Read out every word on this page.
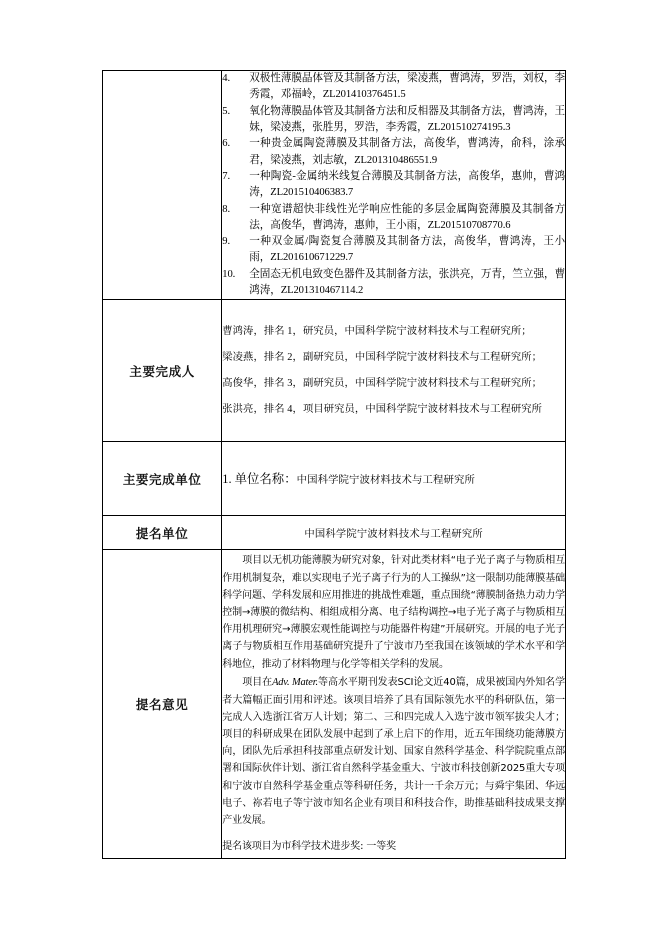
4.	双极性薄膜晶体管及其制备方法，梁凌燕，曹鸿涛，罗浩，刘权，李秀霞，邓福岭，ZL201410376451.5
5.	氧化物薄膜晶体管及其制备方法和反相器及其制备方法，曹鸿涛，王妹，梁凌燕，张胜男，罗浩，李秀霞，ZL201510274195.3
6.	一种贵金属陶瓷薄膜及其制备方法，高俊华，曹鸿涛，俞科，涂承君，梁凌燕，刘志敏，ZL201310486551.9
7.	一种陶瓷-金属纳米线复合薄膜及其制备方法，高俊华，惠帅，曹鸿涛，ZL201510406383.7
8.	一种宽谱超快非线性光学响应性能的多层金属陶瓷薄膜及其制备方法，高俊华，曹鸿涛，惠帅，王小雨，ZL201510708770.6
9.	一种双金属/陶瓷复合薄膜及其制备方法，高俊华，曹鸿涛，王小雨，ZL201610671229.7
10.	全固态无机电致变色器件及其制备方法，张洪亮，万青，竺立强，曹鸿涛，ZL201310467114.2

主要完成人	曹鸿涛，排名 1，研究员，中国科学院宁波材料技术与工程研究所；

梁凌燕，排名 2，副研究员，中国科学院宁波材料技术与工程研究所；

高俊华，排名 3，副研究员，中国科学院宁波材料技术与工程研究所；

张洪亮，排名 4，项目研究员，中国科学院宁波材料技术与工程研究所

主要完成单位	1. 单位名称：中国科学院宁波材料技术与工程研究所

提名单位	中国科学院宁波材料技术与工程研究所
提名意见	项目以无机功能薄膜为研究对象，针对此类材料“电子光子离子与物质相互作用机制复杂，难以实现电子光子离子行为的人工操纵”这一限制功能薄膜基础科学问题、学科发展和应用推进的挑战性难题，重点围绕“薄膜制备热力动力学控制→薄膜的微结构、相组成相分离、电子结构调控→电子光子离子与物质相互作用机理研究→薄膜宏观性能调控与功能器件构建”开展研究。开展的电子光子离子与物质相互作用基础研究提升了宁波市乃至我国在该领域的学术水平和学科地位，推动了材料物理与化学等相关学科的发展。

项目在Adv. Mater.等高水平期刊发表SCI论文近40篇，成果被国内外知名学者大篇幅正面引用和评述。该项目培养了具有国际领先水平的科研队伍，第一完成人入选浙江省万人计划；第二、三和四完成人入选宁波市领军拔尖人才；项目的科研成果在团队发展中起到了承上启下的作用，近五年围绕功能薄膜方向，团队先后承担科技部重点研发计划、国家自然科学基金、科学院院重点部署和国际伙伴计划、浙江省自然科学基金重大、宁波市科技创新2025重大专项和宁波市自然科学基金重点等科研任务，共计一千余万元；与舜宇集团、华远电子、祢若电子等宁波市知名企业有项目和科技合作，助推基础科技成果支撑产业发展。

提名该项目为市科学技术进步奖: 一等奖
